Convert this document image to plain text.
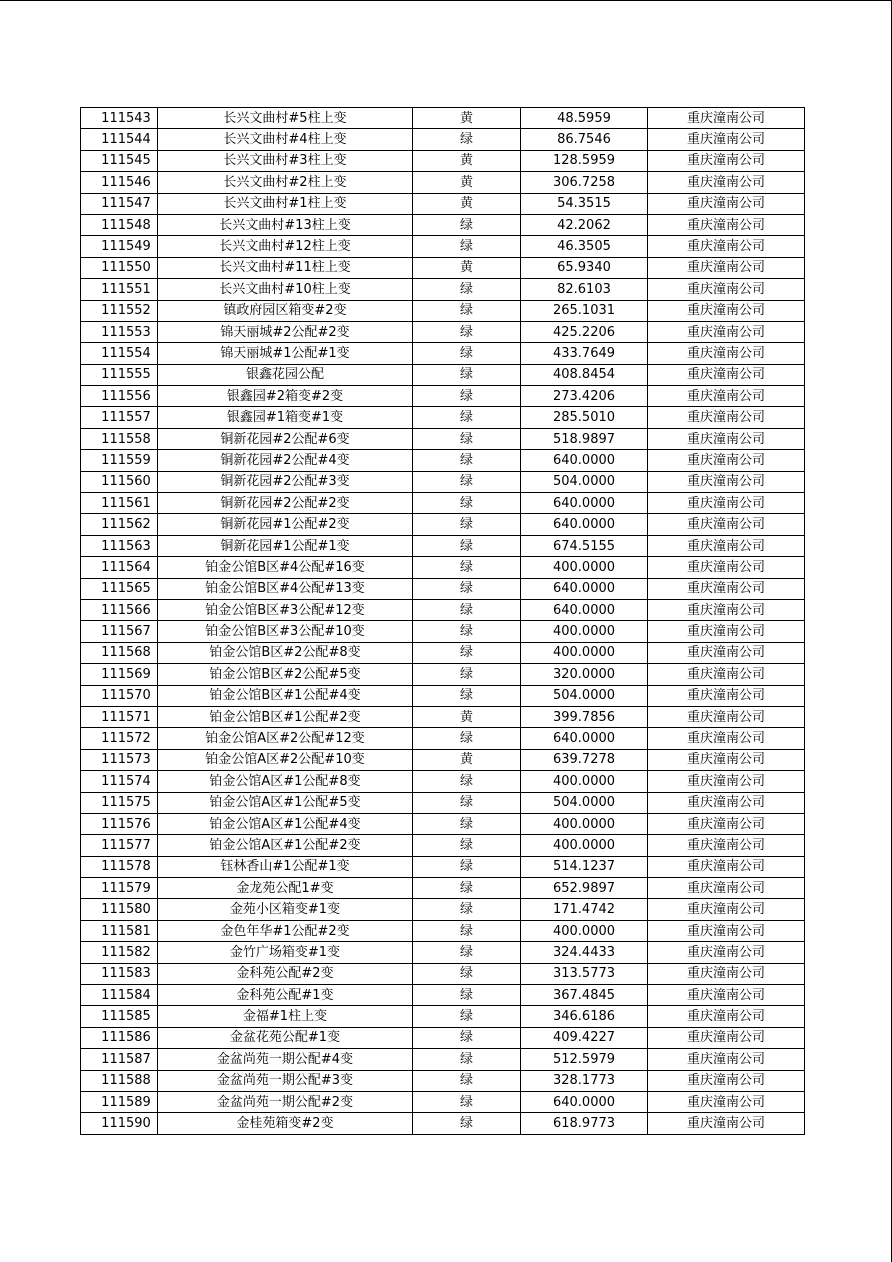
111543	长兴文曲村#5柱上变	黄	48.5959	重庆潼南公司
111544	长兴文曲村#4柱上变	绿	86.7546	重庆潼南公司
111545	长兴文曲村#3柱上变	黄	128.5959	重庆潼南公司
111546	长兴文曲村#2柱上变	黄	306.7258	重庆潼南公司
111547	长兴文曲村#1柱上变	黄	54.3515	重庆潼南公司
111548	长兴文曲村#13柱上变	绿	42.2062	重庆潼南公司
111549	长兴文曲村#12柱上变	绿	46.3505	重庆潼南公司
111550	长兴文曲村#11柱上变	黄	65.9340	重庆潼南公司
111551	长兴文曲村#10柱上变	绿	82.6103	重庆潼南公司
111552	镇政府园区箱变#2变	绿	265.1031	重庆潼南公司
111553	锦天丽城#2公配#2变	绿	425.2206	重庆潼南公司
111554	锦天丽城#1公配#1变	绿	433.7649	重庆潼南公司
111555	银鑫花园公配	绿	408.8454	重庆潼南公司
111556	银鑫园#2箱变#2变	绿	273.4206	重庆潼南公司
111557	银鑫园#1箱变#1变	绿	285.5010	重庆潼南公司
111558	铜新花园#2公配#6变	绿	518.9897	重庆潼南公司
111559	铜新花园#2公配#4变	绿	640.0000	重庆潼南公司
111560	铜新花园#2公配#3变	绿	504.0000	重庆潼南公司
111561	铜新花园#2公配#2变	绿	640.0000	重庆潼南公司
111562	铜新花园#1公配#2变	绿	640.0000	重庆潼南公司
111563	铜新花园#1公配#1变	绿	674.5155	重庆潼南公司
111564	铂金公馆B区#4公配#16变	绿	400.0000	重庆潼南公司
111565	铂金公馆B区#4公配#13变	绿	640.0000	重庆潼南公司
111566	铂金公馆B区#3公配#12变	绿	640.0000	重庆潼南公司
111567	铂金公馆B区#3公配#10变	绿	400.0000	重庆潼南公司
111568	铂金公馆B区#2公配#8变	绿	400.0000	重庆潼南公司
111569	铂金公馆B区#2公配#5变	绿	320.0000	重庆潼南公司
111570	铂金公馆B区#1公配#4变	绿	504.0000	重庆潼南公司
111571	铂金公馆B区#1公配#2变	黄	399.7856	重庆潼南公司
111572	铂金公馆A区#2公配#12变	绿	640.0000	重庆潼南公司
111573	铂金公馆A区#2公配#10变	黄	639.7278	重庆潼南公司
111574	铂金公馆A区#1公配#8变	绿	400.0000	重庆潼南公司
111575	铂金公馆A区#1公配#5变	绿	504.0000	重庆潼南公司
111576	铂金公馆A区#1公配#4变	绿	400.0000	重庆潼南公司
111577	铂金公馆A区#1公配#2变	绿	400.0000	重庆潼南公司
111578	钰林香山#1公配#1变	绿	514.1237	重庆潼南公司
111579	金龙苑公配1#变	绿	652.9897	重庆潼南公司
111580	金苑小区箱变#1变	绿	171.4742	重庆潼南公司
111581	金色年华#1公配#2变	绿	400.0000	重庆潼南公司
111582	金竹广场箱变#1变	绿	324.4433	重庆潼南公司
111583	金科苑公配#2变	绿	313.5773	重庆潼南公司
111584	金科苑公配#1变	绿	367.4845	重庆潼南公司
111585	金福#1柱上变	绿	346.6186	重庆潼南公司
111586	金盆花苑公配#1变	绿	409.4227	重庆潼南公司
111587	金盆尚苑一期公配#4变	绿	512.5979	重庆潼南公司
111588	金盆尚苑一期公配#3变	绿	328.1773	重庆潼南公司
111589	金盆尚苑一期公配#2变	绿	640.0000	重庆潼南公司
111590	金桂苑箱变#2变	绿	618.9773	重庆潼南公司
